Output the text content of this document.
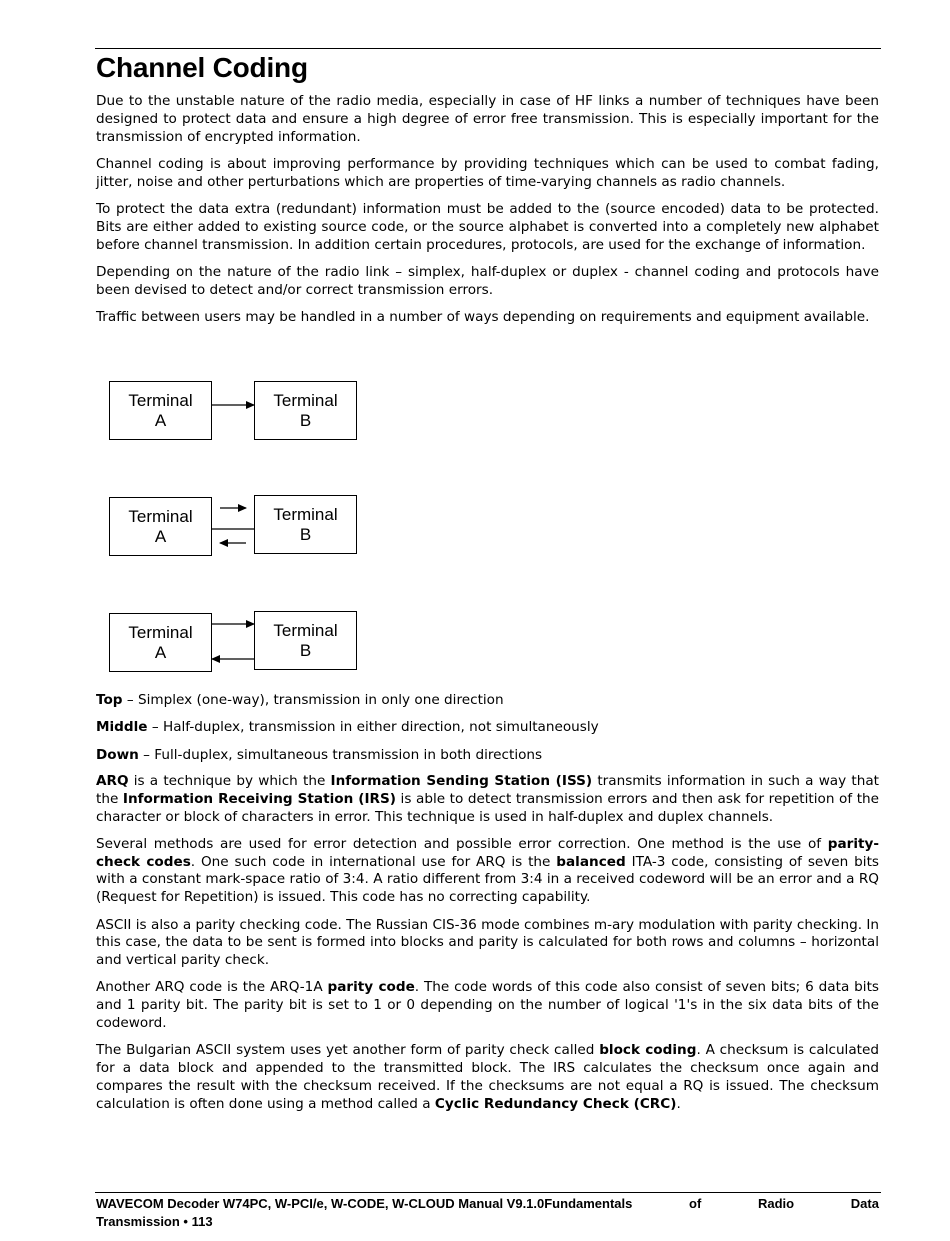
Channel Coding

Due to the unstable nature of the radio media, especially in case of HF links a number of techniques have been designed to protect data and ensure a high degree of error free transmission. This is especially important for the transmission of encrypted information.

Channel coding is about improving performance by providing techniques which can be used to combat fading, jitter, noise and other perturbations which are properties of time-varying channels as radio channels.

To protect the data extra (redundant) information must be added to the (source encoded) data to be protected. Bits are either added to existing source code, or the source alphabet is converted into a completely new alphabet before channel transmission. In addition certain procedures, protocols, are used for the exchange of information.

Depending on the nature of the radio link – simplex, half-duplex or duplex - channel coding and protocols have been devised to detect and/or correct transmission errors.

Traffic between users may be handled in a number of ways depending on requirements and equipment available.

Terminal
A
Terminal
B
Terminal
A
Terminal
B
Terminal
A
Terminal
B

Top – Simplex (one-way), transmission in only one direction

Middle – Half-duplex, transmission in either direction, not simultaneously

Down – Full-duplex, simultaneous transmission in both directions

ARQ is a technique by which the Information Sending Station (ISS) transmits information in such a way that the Information Receiving Station (IRS) is able to detect transmission errors and then ask for repetition of the character or block of characters in error. This technique is used in half-duplex and duplex channels.

Several methods are used for error detection and possible error correction. One method is the use of parity-check codes. One such code in international use for ARQ is the balanced ITA-3 code, consisting of seven bits with a constant mark-space ratio of 3:4. A ratio different from 3:4 in a received codeword will be an error and a RQ (Request for Repetition) is issued. This code has no correcting capability.

ASCII is also a parity checking code. The Russian CIS-36 mode combines m-ary modulation with parity checking. In this case, the data to be sent is formed into blocks and parity is calculated for both rows and columns – horizontal and vertical parity check.

Another ARQ code is the ARQ-1A parity code. The code words of this code also consist of seven bits; 6 data bits and 1 parity bit. The parity bit is set to 1 or 0 depending on the number of logical '1's in the six data bits of the codeword.

The Bulgarian ASCII system uses yet another form of parity check called block coding. A checksum is calculated for a data block and appended to the transmitted block. The IRS calculates the checksum once again and compares the result with the checksum received. If the checksums are not equal a RQ is issued. The checksum calculation is often done using a method called a Cyclic Redundancy Check (CRC).

WAVECOM Decoder W74PC, W-PCI/e, W-CODE, W-CLOUD Manual V9.1.0Fundamentals	of	Radio	Data
Transmission • 113
